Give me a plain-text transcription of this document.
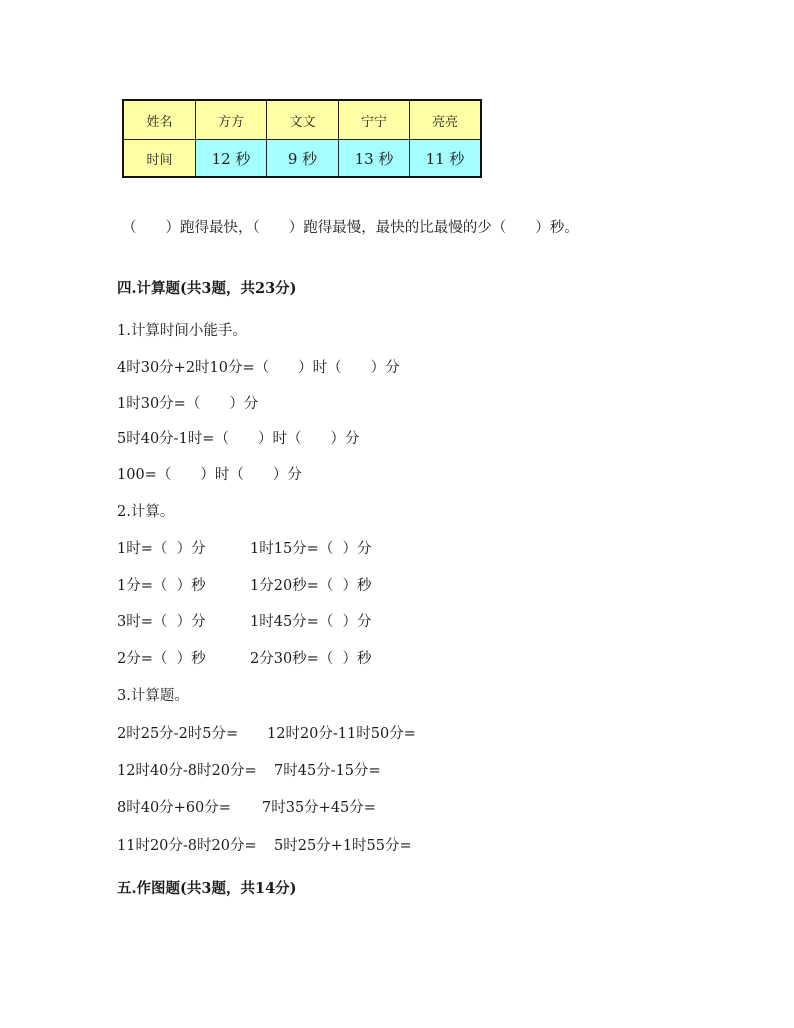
姓名	方方	文文	宁宁	亮亮
时间	12 秒	9 秒	13 秒	11 秒
（　　）跑得最快，（　　）跑得最慢，最快的比最慢的少（　　）秒。
四.计算题(共3题，共23分)
1.计算时间小能手。
4时30分+2时10分=（　　）时（　　）分
1时30分=（　　）分
5时40分-1时=（　　）时（　　）分
100=（　　）时（　　）分
2.计算。
1时=（  ）分	1时15分=（  ）分
1分=（  ）秒	1分20秒=（  ）秒
3时=（  ）分	1时45分=（  ）分
2分=（  ）秒	2分30秒=（  ）秒
3.计算题。
2时25分-2时5分= 12时20分-11时50分=
12时40分-8时20分= 7时45分-15分=
8时40分+60分= 7时35分+45分=
11时20分-8时20分= 5时25分+1时55分=
五.作图题(共3题，共14分)
